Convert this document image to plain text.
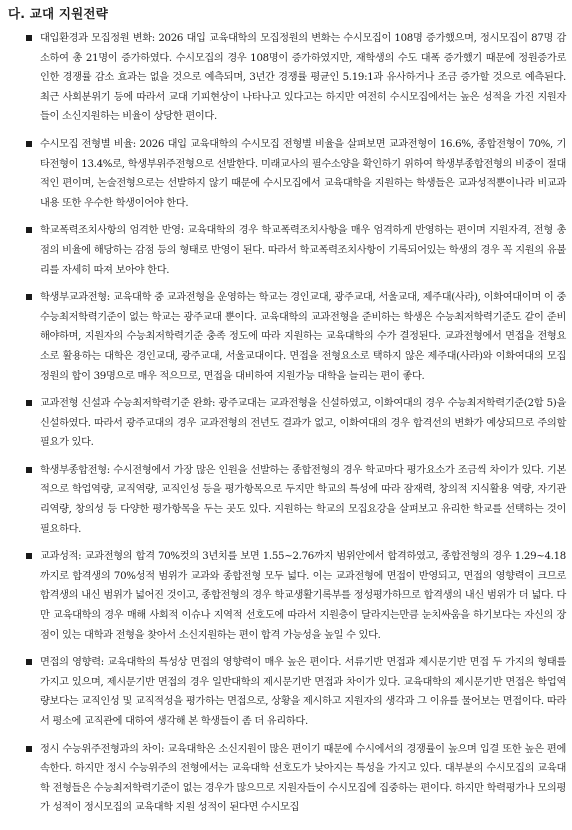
다. 교대 지원전략
대입환경과 모집정원 변화: 2026 대입 교육대학의 모집정원의 변화는 수시모집이 108명 증가했으며, 정시모집이 87명 감소하여 총 21명이 증가하였다. 수시모집의 경우 108명이 증가하였지만, 재학생의 수도 대폭 증가했기 때문에 정원증가로 인한 경쟁률 감소 효과는 없을 것으로 예측되며, 3년간 경쟁률 평균인 5.19:1과 유사하거나 조금 증가할 것으로 예측된다. 최근 사회분위기 등에 따라서 교대 기피현상이 나타나고 있다고는 하지만 여전히 수시모집에서는 높은 성적을 가진 지원자들이 소신지원하는 비율이 상당한 편이다.
수시모집 전형별 비율: 2026 대입 교육대학의 수시모집 전형별 비율을 살펴보면 교과전형이 16.6%, 종합전형이 70%, 기타전형이 13.4%로, 학생부위주전형으로 선발한다. 미래교사의 필수소양을 확인하기 위하여 학생부종합전형의 비중이 절대적인 편이며, 논술전형으로는 선발하지 않기 때문에 수시모집에서 교육대학을 지원하는 학생들은 교과성적뿐이나라 비교과내용 또한 우수한 학생이어야 한다.
학교폭력조치사항의 엄격한 반영: 교육대학의 경우 학교폭력조치사항을 매우 엄격하게 반영하는 편이며 지원자격, 전형 총점의 비율에 해당하는 감점 등의 형태로 반영이 된다. 따라서 학교폭력조치사항이 기록되어있는 학생의 경우 꼭 지원의 유불리를 자세히 따져 보아야 한다.
학생부교과전형: 교육대학 중 교과전형을 운영하는 학교는 경인교대, 광주교대, 서울교대, 제주대(사라), 이화여대이며 이 중 수능최저학력기준이 없는 학교는 광주교대 뿐이다. 교육대학의 교과전형을 준비하는 학생은 수능최저학력기준도 같이 준비해야하며, 지원자의 수능최저학력기준 충족 정도에 따라 지원하는 교육대학의 수가 결정된다. 교과전형에서 면접을 전형요소로 활용하는 대학은 경인교대, 광주교대, 서울교대이다. 면접을 전형요소로 택하지 않은 제주대(사라)와 이화여대의 모집정원의 합이 39명으로 매우 적으므로, 면접을 대비하여 지원가능 대학을 늘리는 편이 좋다.
교과전형 신설과 수능최저학력기준 완화: 광주교대는 교과전형을 신설하였고, 이화여대의 경우 수능최저학력기준(2합 5)을 신설하였다. 따라서 광주교대의 경우 교과전형의 전년도 결과가 없고, 이화여대의 경우 합격선의 변화가 예상되므로 주의할 필요가 있다.
학생부종합전형: 수시전형에서 가장 많은 인원을 선발하는 종합전형의 경우 학교마다 평가요소가 조금씩 차이가 있다. 기본적으로 학업역량, 교직역량, 교직인성 등을 평가항목으로 두지만 학교의 특성에 따라 잠재력, 창의적 지식활용 역량, 자기관리역량, 창의성 등 다양한 평가항목을 두는 곳도 있다. 지원하는 학교의 모집요강을 살펴보고 유리한 학교를 선택하는 것이 필요하다.
교과성적: 교과전형의 합격 70%컷의 3년치를 보면 1.55~2.76까지 범위안에서 합격하였고, 종합전형의 경우 1.29~4.18까지로 합격생의 70%성적 범위가 교과와 종합전형 모두 넓다. 이는 교과전형에 면접이 반영되고, 면접의 영향력이 크므로 합격생의 내신 범위가 넓어진 것이고, 종합전형의 경우 학교생활기록부를 정성평가하므로 합격생의 내신 범위가 더 넓다. 다만 교육대학의 경우 매해 사회적 이슈나 지역적 선호도에 따라서 지원층이 달라지는만큼 눈치싸움을 하기보다는 자신의 장점이 있는 대학과 전형을 찾아서 소신지원하는 편이 합격 가능성을 높일 수 있다.
면접의 영향력: 교육대학의 특성상 면접의 영향력이 매우 높은 편이다. 서류기반 면접과 제시문기반 면접 두 가지의 형태를 가지고 있으며, 제시문기반 면접의 경우 일반대학의 제시문기반 면접과 차이가 있다. 교육대학의 제시문기반 면접은 학업역량보다는 교직인성 및 교직적성을 평가하는 면접으로, 상황을 제시하고 지원자의 생각과 그 이유를 물어보는 면접이다. 따라서 평소에 교직관에 대하여 생각해 본 학생들이 좀 더 유리하다.
정시 수능위주전형과의 차이: 교육대학은 소신지원이 많은 편이기 때문에 수시에서의 경쟁률이 높으며 입결 또한 높은 편에 속한다. 하지만 정시 수능위주의 전형에서는 교육대학 선호도가 낮아지는 특성을 가지고 있다. 대부분의 수시모집의 교육대학 전형들은 수능최저학력기준이 없는 경우가 많으므로 지원자들이 수시모집에 집중하는 편이다. 하지만 학력평가나 모의평가 성적이 정시모집의 교육대학 지원 성적이 된다면 수시모집
